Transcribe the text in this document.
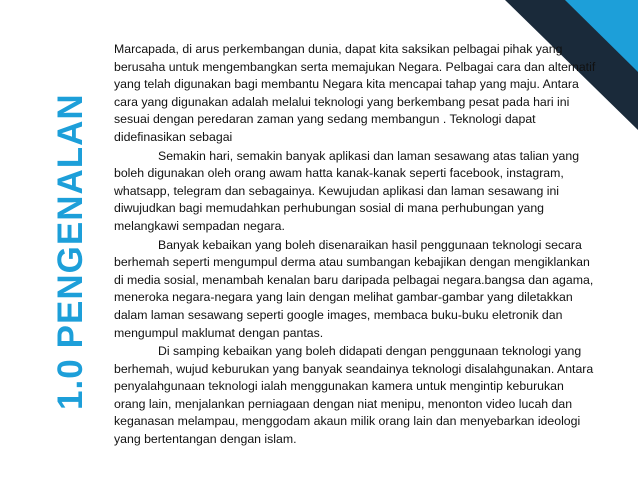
1.0PENGENALAN

Marcapada, di arus perkembangan dunia, dapat kita saksikan pelbagai pihak yang berusaha untuk mengembangkan serta memajukan Negara. Pelbagai cara dan alternatif yang telah digunakan bagi membantu Negara kita mencapai tahap yang maju. Antara cara yang digunakan adalah melalui teknologi yang berkembang pesat pada hari ini sesuai dengan peredaran zaman yang sedang membangun . Teknologi dapat didefinasikan sebagai

Semakin hari, semakin banyak aplikasi dan laman sesawang atas talian yang boleh digunakan oleh orang awam hatta kanak-kanak seperti facebook, instagram, whatsapp, telegram dan sebagainya. Kewujudan aplikasi dan laman sesawang ini diwujudkan bagi memudahkan perhubungan sosial di mana perhubungan yang melangkawi sempadan negara.

Banyak kebaikan yang boleh disenaraikan hasil penggunaan teknologi secara berhemah seperti mengumpul derma atau sumbangan kebajikan dengan mengiklankan di media sosial, menambah kenalan baru daripada pelbagai negara.bangsa dan agama, meneroka negara-negara yang lain dengan melihat gambar-gambar yang diletakkan dalam laman sesawang seperti google images, membaca buku-buku eletronik dan mengumpul maklumat dengan pantas.

Di samping kebaikan yang boleh didapati dengan penggunaan teknologi yang berhemah, wujud keburukan yang banyak seandainya teknologi disalahgunakan. Antara penyalahgunaan teknologi ialah menggunakan kamera untuk mengintip keburukan orang lain, menjalankan perniagaan dengan niat menipu, menonton video lucah dan keganasan melampau, menggodam akaun milik orang lain dan menyebarkan ideologi yang bertentangan dengan islam.
